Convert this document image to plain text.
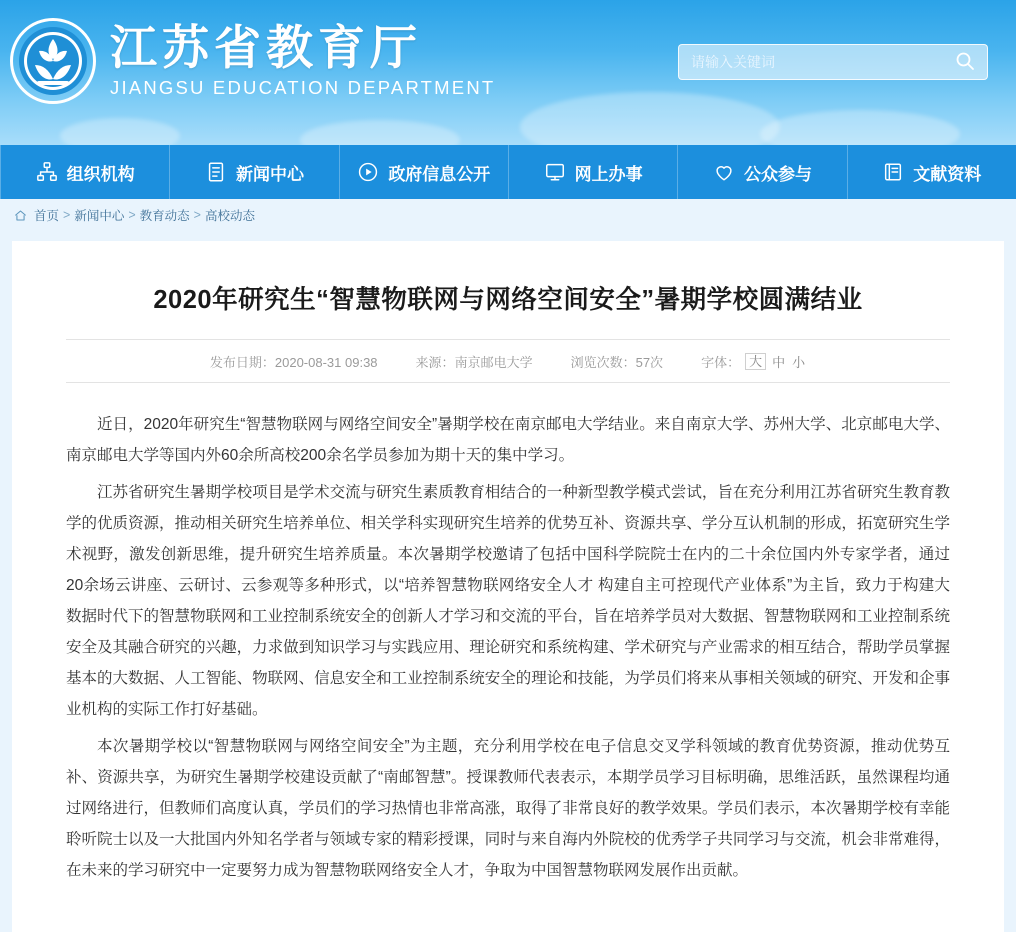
江苏省教育厅
JIANGSU EDUCATION DEPARTMENT
请输入关键词
组织机构	新闻中心	政府信息公开	网上办事	公众参与	文献资料
首页 > 新闻中心 > 教育动态 > 高校动态
2020年研究生“智慧物联网与网络空间安全”暑期学校圆满结业
发布日期：2020-08-31 09:38	来源：南京邮电大学	浏览次数：57次	字体： 大 中 小

近日，2020年研究生“智慧物联网与网络空间安全”暑期学校在南京邮电大学结业。来自南京大学、苏州大学、北京邮电大学、南京邮电大学等国内外60余所高校200余名学员参加为期十天的集中学习。

江苏省研究生暑期学校项目是学术交流与研究生素质教育相结合的一种新型教学模式尝试，旨在充分利用江苏省研究生教育教学的优质资源，推动相关研究生培养单位、相关学科实现研究生培养的优势互补、资源共享、学分互认机制的形成，拓宽研究生学术视野，激发创新思维，提升研究生培养质量。本次暑期学校邀请了包括中国科学院院士在内的二十余位国内外专家学者，通过20余场云讲座、云研讨、云参观等多种形式，以“培养智慧物联网络安全人才 构建自主可控现代产业体系”为主旨，致力于构建大数据时代下的智慧物联网和工业控制系统安全的创新人才学习和交流的平台，旨在培养学员对大数据、智慧物联网和工业控制系统安全及其融合研究的兴趣，力求做到知识学习与实践应用、理论研究和系统构建、学术研究与产业需求的相互结合，帮助学员掌握基本的大数据、人工智能、物联网、信息安全和工业控制系统安全的理论和技能，为学员们将来从事相关领域的研究、开发和企事业机构的实际工作打好基础。

本次暑期学校以“智慧物联网与网络空间安全”为主题，充分利用学校在电子信息交叉学科领域的教育优势资源，推动优势互补、资源共享，为研究生暑期学校建设贡献了“南邮智慧”。授课教师代表表示，本期学员学习目标明确，思维活跃，虽然课程均通过网络进行，但教师们高度认真，学员们的学习热情也非常高涨，取得了非常良好的教学效果。学员们表示，本次暑期学校有幸能聆听院士以及一大批国内外知名学者与领域专家的精彩授课，同时与来自海内外院校的优秀学子共同学习与交流，机会非常难得，在未来的学习研究中一定要努力成为智慧物联网络安全人才，争取为中国智慧物联网发展作出贡献。
